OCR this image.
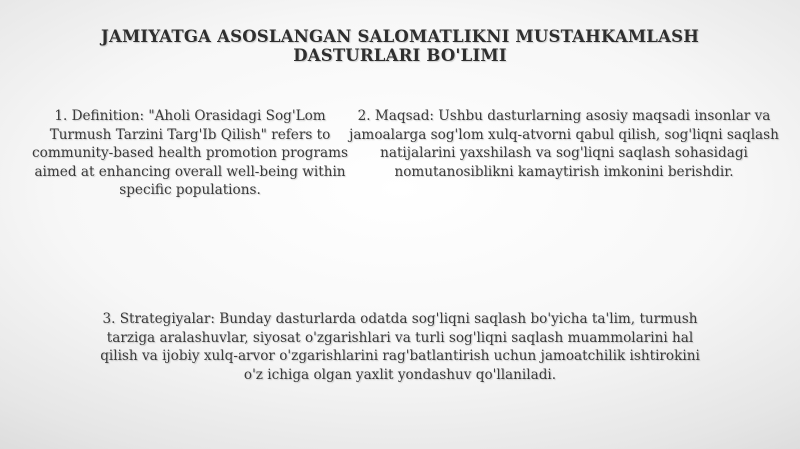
JAMIYATGA ASOSLANGAN SALOMATLIKNI MUSTAHKAMLASH DASTURLARI BO'LIMI
1. Definition: "Aholi Orasidagi Sog'Lom Turmush Tarzini Targ'Ib Qilish" refers to community-based health promotion programs aimed at enhancing overall well-being within specific populations.
2. Maqsad: Ushbu dasturlarning asosiy maqsadi insonlar va jamoalarga sog'lom xulq-atvorni qabul qilish, sog'liqni saqlash natijalarini yaxshilash va sog'liqni saqlash sohasidagi nomutanosiblikni kamaytirish imkonini berishdir.
3. Strategiyalar: Bunday dasturlarda odatda sog'liqni saqlash bo'yicha ta'lim, turmush tarziga aralashuvlar, siyosat o'zgarishlari va turli sog'liqni saqlash muammolarini hal qilish va ijobiy xulq-arvor o'zgarishlarini rag'batlantirish uchun jamoatchilik ishtirokini o'z ichiga olgan yaxlit yondashuv qo'llaniladi.
